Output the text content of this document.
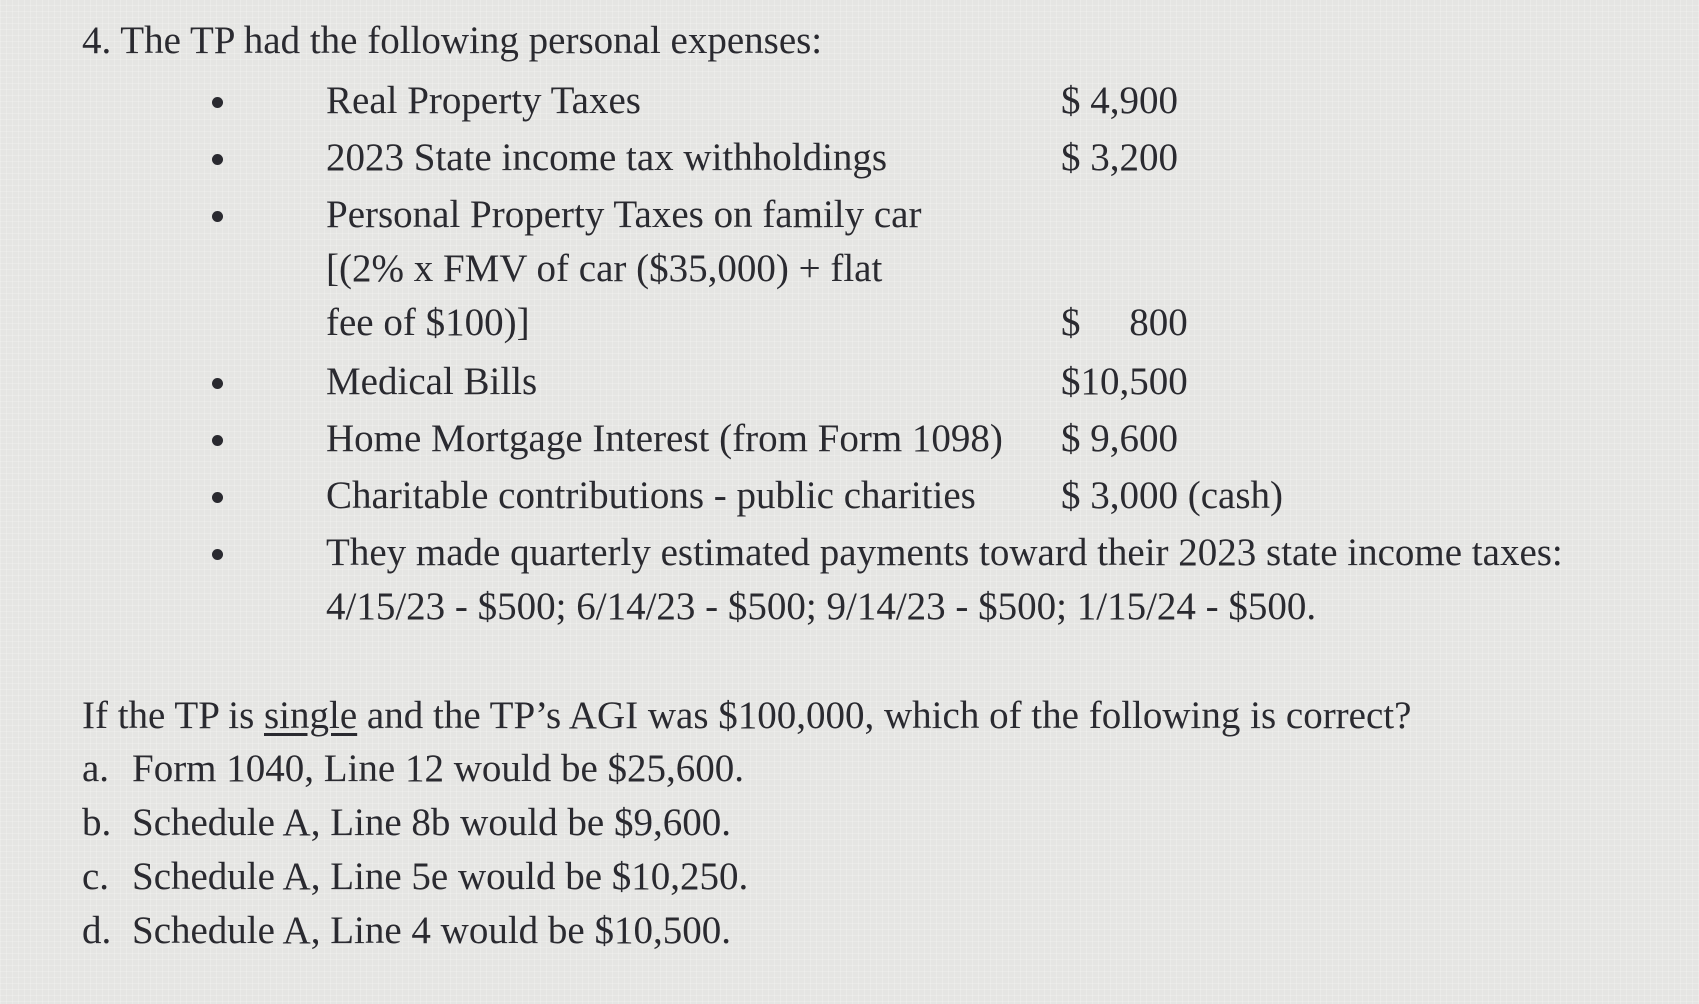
4. The TP had the following personal expenses:
Real Property Taxes	$ 4,900
2023 State income tax withholdings	$ 3,200
Personal Property Taxes on family car
[(2% x FMV of car ($35,000) + flat
fee of $100)]	$     800
Medical Bills	$10,500
Home Mortgage Interest (from Form 1098) $ 9,600
Charitable contributions - public charities $ 3,000 (cash)
They made quarterly estimated payments toward their 2023 state income taxes:
4/15/23 - $500; 6/14/23 - $500; 9/14/23 - $500; 1/15/24 - $500.
If the TP is single and the TP’s AGI was $100,000, which of the following is correct?
a. Form 1040, Line 12 would be $25,600.
b. Schedule A, Line 8b would be $9,600.
c. Schedule A, Line 5e would be $10,250.
d. Schedule A, Line 4 would be $10,500.
